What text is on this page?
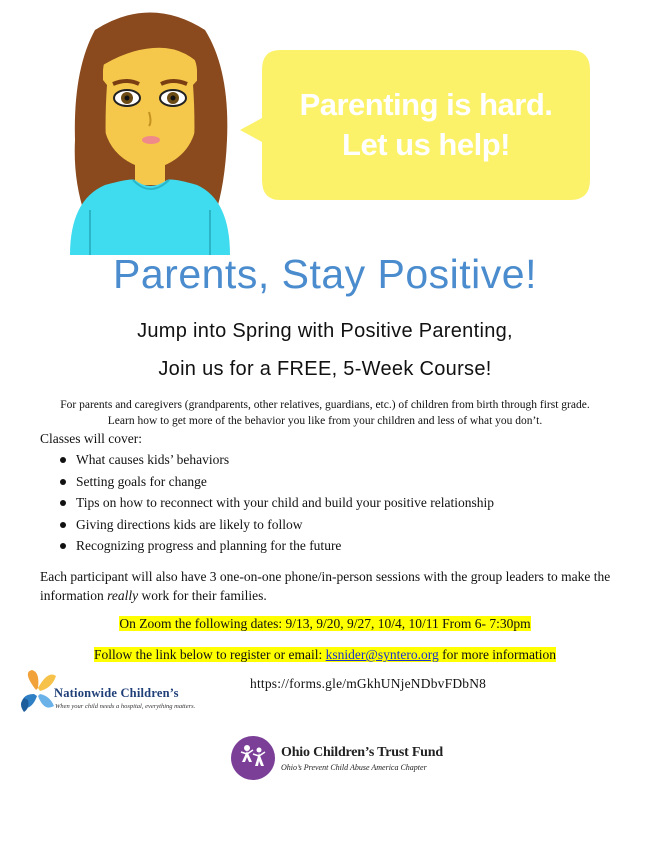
Parenting is hard.
Let us help!
Parents, Stay Positive!
Jump into Spring with Positive Parenting,
Join us for a FREE, 5-Week Course!
For parents and caregivers (grandparents, other relatives, guardians, etc.) of children from birth through first grade.
Learn how to get more of the behavior you like from your children and less of what you don’t.
Classes will cover:
What causes kids’ behaviors
Setting goals for change
Tips on how to reconnect with your child and build your positive relationship
Giving directions kids are likely to follow
Recognizing progress and planning for the future
Each participant will also have 3 one-on-one phone/in-person sessions with the group leaders to make the information really work for their families.
On Zoom the following dates: 9/13, 9/20, 9/27, 10/4, 10/11 From 6- 7:30pm
Follow the link below to register or email: ksnider@syntero.org for more information
https://forms.gle/mGkhUNjeNDbvFDbN8
Nationwide Children’s
When your child needs a hospital, everything matters.
Ohio Children’s Trust Fund
Ohio’s Prevent Child Abuse America Chapter
